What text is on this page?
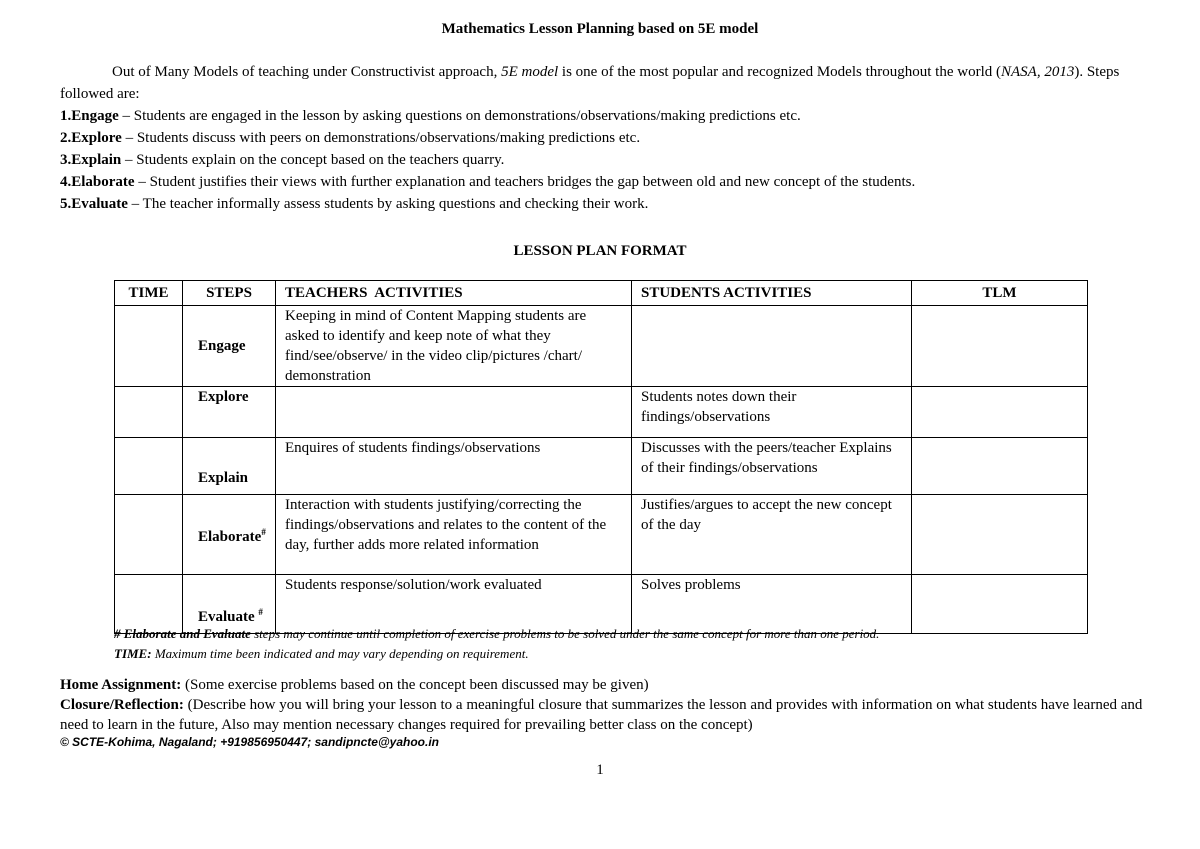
Mathematics Lesson Planning based on 5E model
Out of Many Models of teaching under Constructivist approach, 5E model is one of the most popular and recognized Models throughout the world (NASA, 2013). Steps followed are:
1.Engage – Students are engaged in the lesson by asking questions on demonstrations/observations/making predictions etc.
2.Explore – Students discuss with peers on demonstrations/observations/making predictions etc.
3.Explain – Students explain on the concept based on the teachers quarry.
4.Elaborate – Student justifies their views with further explanation and teachers bridges the gap between old and new concept of the students.
5.Evaluate – The teacher informally assess students by asking questions and checking their work.
LESSON PLAN FORMAT
TIME	STEPS	TEACHERS  ACTIVITIES	STUDENTS ACTIVITIES	TLM
	Engage	Keeping in mind of Content Mapping students are asked to identify and keep note of what they find/see/observe/ in the video clip/pictures /chart/ demonstration		
	Explore		Students notes down their findings/observations	
	Explain	Enquires of students findings/observations	Discusses with the peers/teacher Explains of their findings/observations	
	Elaborate#	Interaction with students justifying/correcting the findings/observations and relates to the content of the day, further adds more related information	Justifies/argues to accept the new concept of the day	
	Evaluate #	Students response/solution/work evaluated	Solves problems	
# Elaborate and Evaluate steps may continue until completion of exercise problems to be solved under the same concept for more than one period.
TIME: Maximum time been indicated and may vary depending on requirement.
Home Assignment: (Some exercise problems based on the concept been discussed may be given)
Closure/Reflection: (Describe how you will bring your lesson to a meaningful closure that summarizes the lesson and provides with information on what students have learned and need to learn in the future, Also may mention necessary changes required for prevailing better class on the concept)
© SCTE-Kohima, Nagaland; +919856950447; sandipncte@yahoo.in
1
